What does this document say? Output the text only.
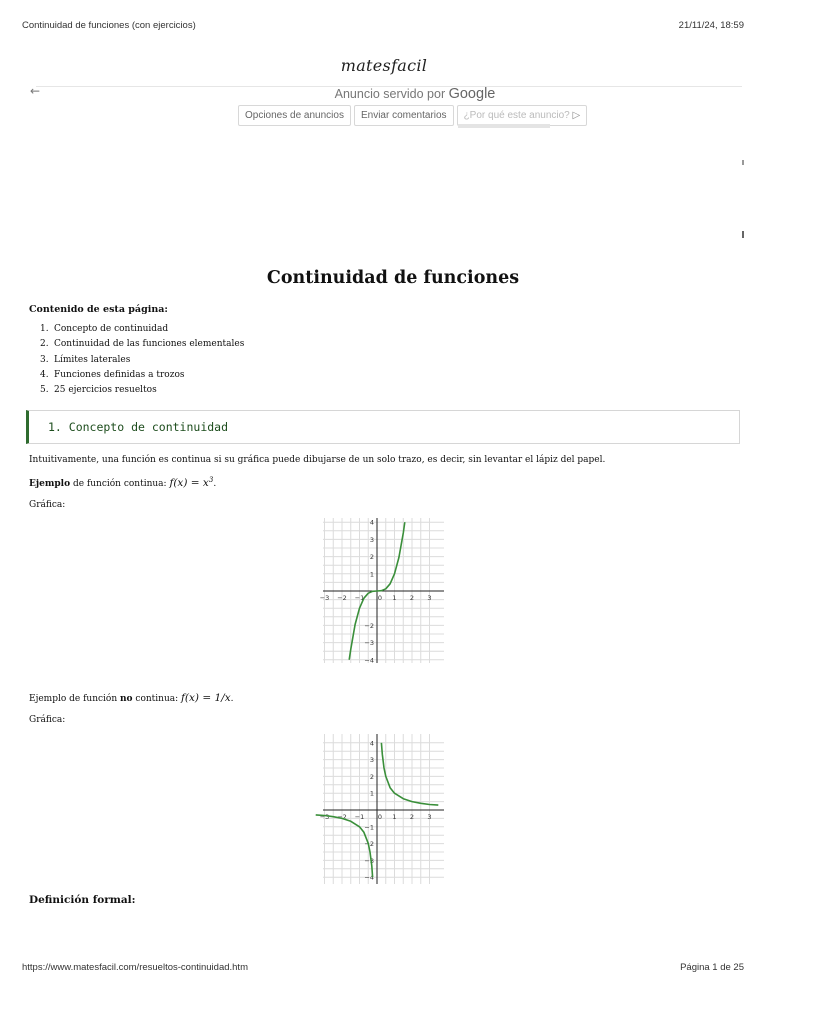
Continuidad de funciones (con ejercicios)	21/11/24, 18:59
matesfacil
←	Anuncio servido por Google
Opciones de anuncios	Enviar comentarios	¿Por qué este anuncio? ▷
Continuidad de funciones

Contenido de esta página:

1. Concepto de continuidad
2. Continuidad de las funciones elementales
3. Límites laterales
4. Funciones definidas a trozos
5. 25 ejercicios resueltos
1. Concepto de continuidad

Intuitivamente, una función es continua si su gráfica puede dibujarse de un solo trazo, es decir, sin levantar el lápiz del papel.

Ejemplo de función continua: $f(x) = x^3$.

Gráfica:

−3 −2 −1 0 1 2 3
4
3
2
1
−2
−3
−4

Ejemplo de función no continua: f(x) = 1/x.

Gráfica:

−3 −2 −1 0 1 2 3
4
3
2
1
−1
−2
−3
−4

Definición formal:

https://www.matesfacil.com/resueltos-continuidad.htm	Página 1 de 25
